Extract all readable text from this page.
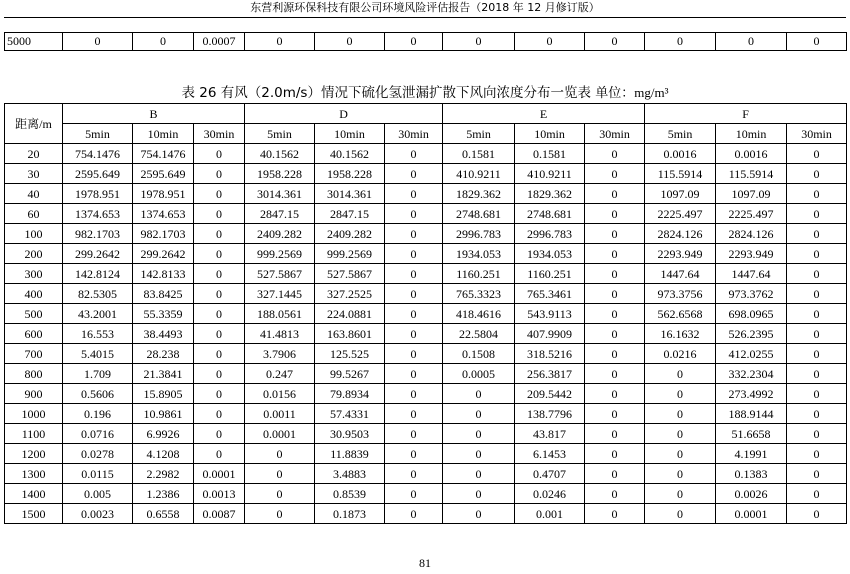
东营利源环保科技有限公司环境风险评估报告（2018 年 12 月修订版）
5000	0	0	0.0007	0	0	0	0	0	0	0	0	0
表 26 有风（2.0m/s）情况下硫化氢泄漏扩散下风向浓度分布一览表 单位：mg/m³
距离/m	B			D			E			F		
	5min	10min	30min	5min	10min	30min	5min	10min	30min	5min	10min	30min
20	754.1476	754.1476	0	40.1562	40.1562	0	0.1581	0.1581	0	0.0016	0.0016	0
30	2595.649	2595.649	0	1958.228	1958.228	0	410.9211	410.9211	0	115.5914	115.5914	0
40	1978.951	1978.951	0	3014.361	3014.361	0	1829.362	1829.362	0	1097.09	1097.09	0
60	1374.653	1374.653	0	2847.15	2847.15	0	2748.681	2748.681	0	2225.497	2225.497	0
100	982.1703	982.1703	0	2409.282	2409.282	0	2996.783	2996.783	0	2824.126	2824.126	0
200	299.2642	299.2642	0	999.2569	999.2569	0	1934.053	1934.053	0	2293.949	2293.949	0
300	142.8124	142.8133	0	527.5867	527.5867	0	1160.251	1160.251	0	1447.64	1447.64	0
400	82.5305	83.8425	0	327.1445	327.2525	0	765.3323	765.3461	0	973.3756	973.3762	0
500	43.2001	55.3359	0	188.0561	224.0881	0	418.4616	543.9113	0	562.6568	698.0965	0
600	16.553	38.4493	0	41.4813	163.8601	0	22.5804	407.9909	0	16.1632	526.2395	0
700	5.4015	28.238	0	3.7906	125.525	0	0.1508	318.5216	0	0.0216	412.0255	0
800	1.709	21.3841	0	0.247	99.5267	0	0.0005	256.3817	0	0	332.2304	0
900	0.5606	15.8905	0	0.0156	79.8934	0	0	209.5442	0	0	273.4992	0
1000	0.196	10.9861	0	0.0011	57.4331	0	0	138.7796	0	0	188.9144	0
1100	0.0716	6.9926	0	0.0001	30.9503	0	0	43.817	0	0	51.6658	0
1200	0.0278	4.1208	0	0	11.8839	0	0	6.1453	0	0	4.1991	0
1300	0.0115	2.2982	0.0001	0	3.4883	0	0	0.4707	0	0	0.1383	0
1400	0.005	1.2386	0.0013	0	0.8539	0	0	0.0246	0	0	0.0026	0
1500	0.0023	0.6558	0.0087	0	0.1873	0	0	0.001	0	0	0.0001	0
81
